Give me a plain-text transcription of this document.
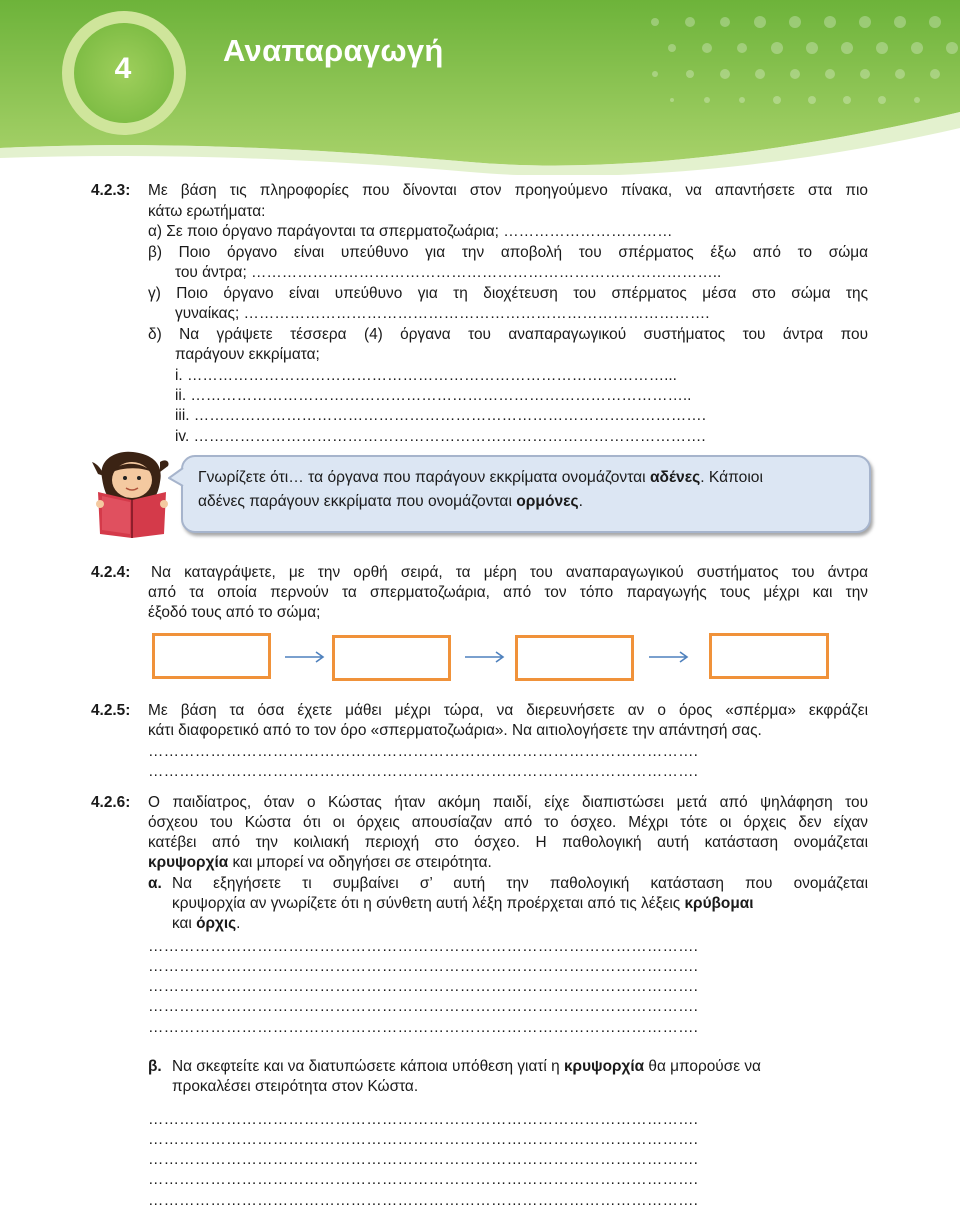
4
Αναπαραγωγή
4.2.3: Με βάση τις πληροφορίες που δίνονται στον προηγούμενο πίνακα, να απαντήσετε στα πιο
κάτω ερωτήματα:
α) Σε ποιο όργανο παράγονται τα σπερματοζωάρια; ……………………………
β) Ποιο όργανο είναι υπεύθυνο για την αποβολή του σπέρματος έξω από το σώμα
του άντρα; ………………………………………………………………………………..
γ) Ποιο όργανο είναι υπεύθυνο για τη διοχέτευση του σπέρματος μέσα στο σώμα της
γυναίκας; ……………………………………………………………………………….
δ) Να γράψετε τέσσερα (4) όργανα του αναπαραγωγικού συστήματος του άντρα που
παράγουν εκκρίματα;
i. …………………………………………………………………………………...
ii. ……………………………………………………………………………………..
iii. ……………………………………………………………………………………….
iv. ……………………………………………………………………………………….
Γνωρίζετε ότι… τα όργανα που παράγουν εκκρίματα ονομάζονται αδένες. Κάποιοι
αδένες παράγουν εκκρίματα που ονομάζονται ορμόνες.
4.2.4: Να καταγράψετε, με την ορθή σειρά, τα μέρη του αναπαραγωγικού συστήματος του άντρα
από τα οποία περνούν τα σπερματοζωάρια, από τον τόπο παραγωγής τους μέχρι και την
έξοδό τους από το σώμα;
4.2.5: Με βάση τα όσα έχετε μάθει μέχρι τώρα, να διερευνήσετε αν ο όρος «σπέρμα» εκφράζει
κάτι διαφορετικό από το τον όρο «σπερματοζωάρια». Να αιτιολογήσετε την απάντησή σας.
…………………………………………………………………………………………….
…………………………………………………………………………………………….
4.2.6: Ο παιδίατρος, όταν ο Κώστας ήταν ακόμη παιδί, είχε διαπιστώσει μετά από ψηλάφηση του
όσχεου του Κώστα ότι οι όρχεις απουσίαζαν από το όσχεο. Μέχρι τότε οι όρχεις δεν είχαν
κατέβει από την κοιλιακή περιοχή στο όσχεο. Η παθολογική αυτή κατάσταση ονομάζεται
κρυψορχία και μπορεί να οδηγήσει σε στειρότητα.
α. Να εξηγήσετε τι συμβαίνει σ’ αυτή την παθολογική κατάσταση που ονομάζεται
κρυψορχία αν γνωρίζετε ότι η σύνθετη αυτή λέξη προέρχεται από τις λέξεις κρύβομαι
και όρχις.
…………………………………………………………………………………………….
…………………………………………………………………………………………….
…………………………………………………………………………………………….
…………………………………………………………………………………………….
…………………………………………………………………………………………….
β. Να σκεφτείτε και να διατυπώσετε κάποια υπόθεση γιατί η κρυψορχία θα μπορούσε να
προκαλέσει στειρότητα στον Κώστα.
…………………………………………………………………………………………….
…………………………………………………………………………………………….
…………………………………………………………………………………………….
…………………………………………………………………………………………….
…………………………………………………………………………………………….
